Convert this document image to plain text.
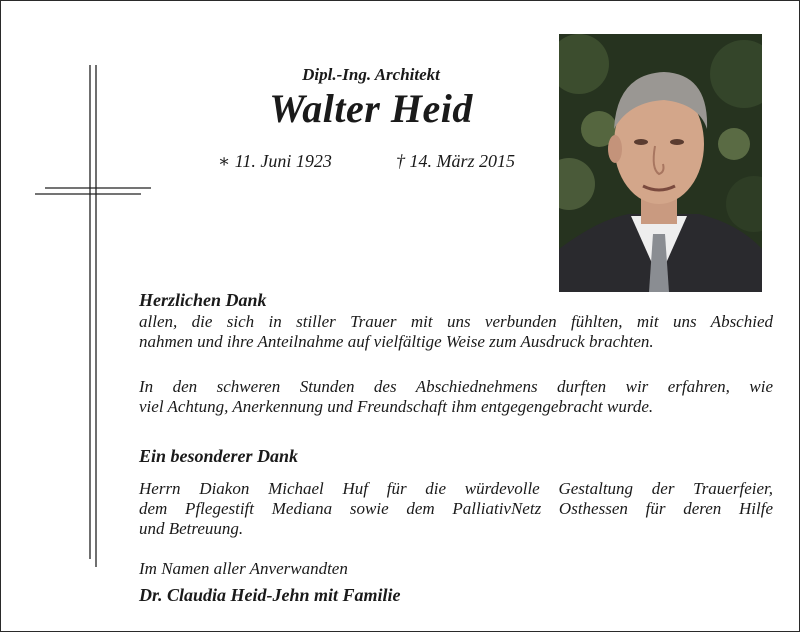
Dipl.-Ing. Architekt
Walter Heid
∗ 11. Juni 1923	† 14. März 2015
Herzlichen Dank
allen, die sich in stiller Trauer mit uns verbunden fühlten, mit uns Abschied
nahmen und ihre Anteilnahme auf vielfältige Weise zum Ausdruck brachten.
In den schweren Stunden des Abschiednehmens durften wir erfahren, wie
viel Achtung, Anerkennung und Freundschaft ihm entgegengebracht wurde.
Ein besonderer Dank
Herrn Diakon Michael Huf für die würdevolle Gestaltung der Trauerfeier,
dem Pflegestift Mediana sowie dem PalliativNetz Osthessen für deren Hilfe
und Betreuung.
Im Namen aller Anverwandten
Dr. Claudia Heid-Jehn mit Familie
